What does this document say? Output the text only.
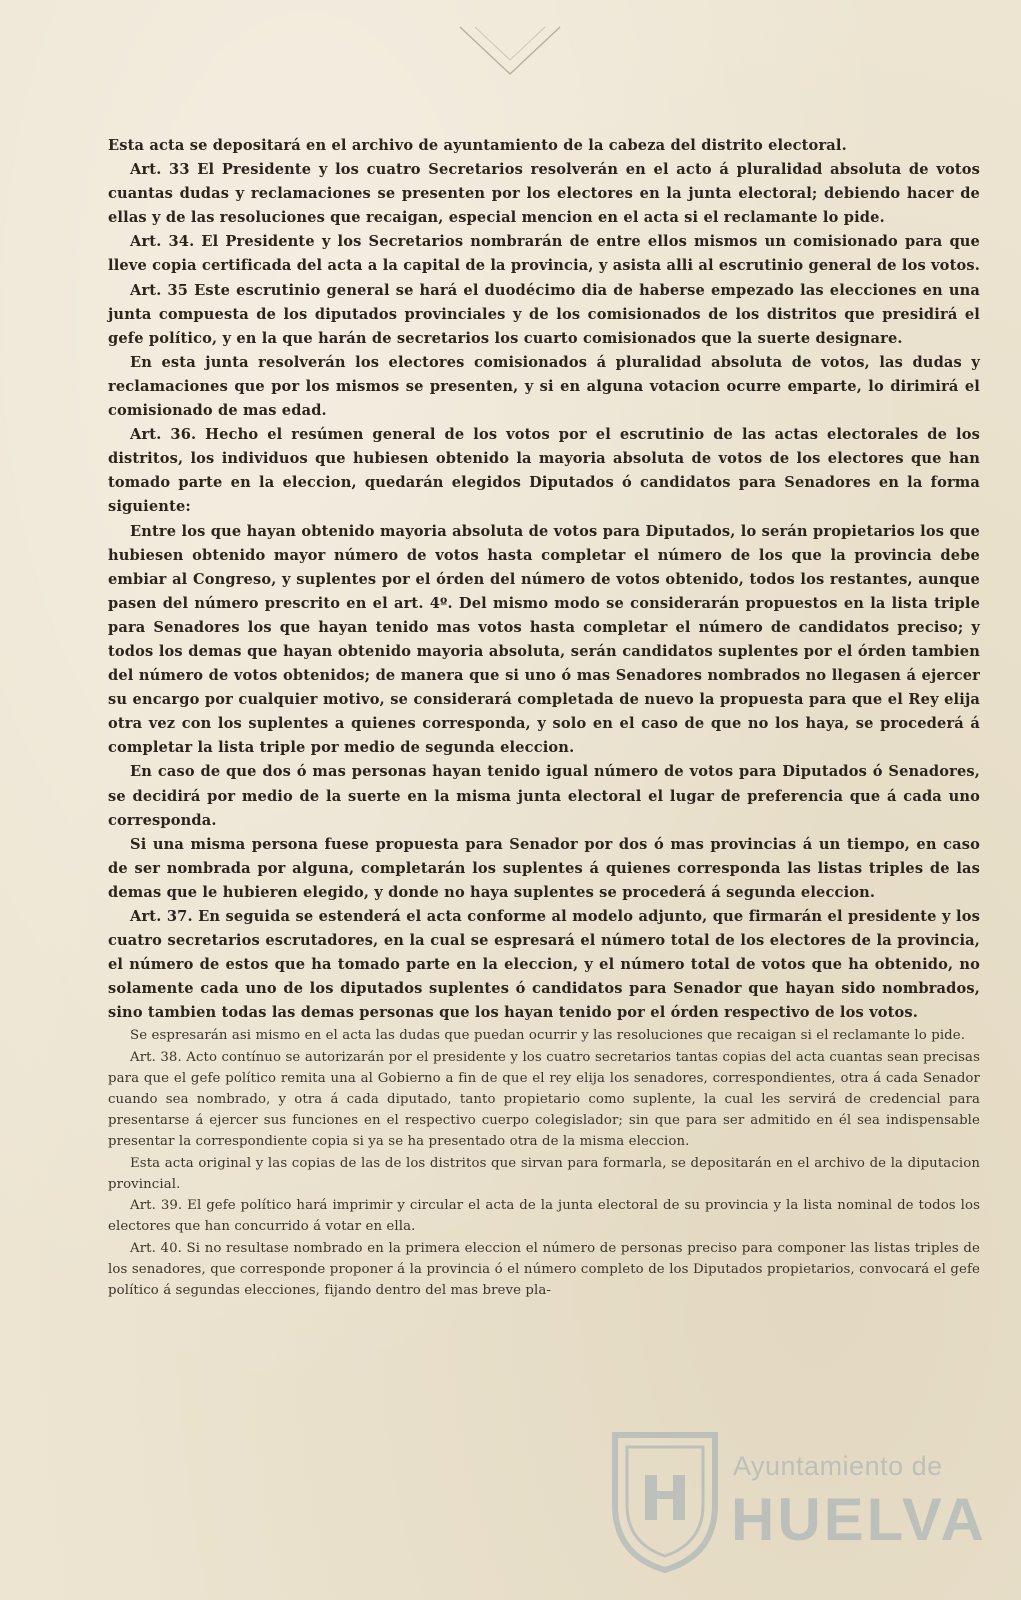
Esta acta se depositará en el archivo de ayuntamiento de la cabeza del distrito electoral.

Art. 33 El Presidente y los cuatro Secretarios resolverán en el acto á pluralidad absoluta de votos cuantas dudas y reclamaciones se presenten por los electores en la junta electoral; debiendo hacer de ellas y de las resoluciones que recaigan, especial mencion en el acta si el reclamante lo pide.

Art. 34. El Presidente y los Secretarios nombrarán de entre ellos mismos un comisionado para que lleve copia certificada del acta a la capital de la provincia, y asista alli al escrutinio general de los votos.

Art. 35 Este escrutinio general se hará el duodécimo dia de haberse empezado las elecciones en una junta compuesta de los diputados provinciales y de los comisionados de los distritos que presidirá el gefe político, y en la que harán de secretarios los cuarto comisionados que la suerte designare.

En esta junta resolverán los electores comisionados á pluralidad absoluta de votos, las dudas y reclamaciones que por los mismos se presenten, y si en alguna votacion ocurre emparte, lo dirimirá el comisionado de mas edad.

Art. 36. Hecho el resúmen general de los votos por el escrutinio de las actas electorales de los distritos, los individuos que hubiesen obtenido la mayoria absoluta de votos de los electores que han tomado parte en la eleccion, quedarán elegidos Diputados ó candidatos para Senadores en la forma siguiente:

Entre los que hayan obtenido mayoria absoluta de votos para Diputados, lo serán propietarios los que hubiesen obtenido mayor número de votos hasta completar el número de los que la provincia debe embiar al Congreso, y suplentes por el órden del número de votos obtenido, todos los restantes, aunque pasen del número prescrito en el art. 4º. Del mismo modo se considerarán propuestos en la lista triple para Senadores los que hayan tenido mas votos hasta completar el número de candidatos preciso; y todos los demas que hayan obtenido mayoria absoluta, serán candidatos suplentes por el órden tambien del número de votos obtenidos; de manera que si uno ó mas Senadores nombrados no llegasen á ejercer su encargo por cualquier motivo, se considerará completada de nuevo la propuesta para que el Rey elija otra vez con los suplentes a quienes corresponda, y solo en el caso de que no los haya, se procederá á completar la lista triple por medio de segunda eleccion.

En caso de que dos ó mas personas hayan tenido igual número de votos para Diputados ó Senadores, se decidirá por medio de la suerte en la misma junta electoral el lugar de preferencia que á cada uno corresponda.

Si una misma persona fuese propuesta para Senador por dos ó mas provincias á un tiempo, en caso de ser nombrada por alguna, completarán los suplentes á quienes corresponda las listas triples de las demas que le hubieren elegido, y donde no haya suplentes se procederá á segunda eleccion.

Art. 37. En seguida se estenderá el acta conforme al modelo adjunto, que firmarán el presidente y los cuatro secretarios escrutadores, en la cual se espresará el número total de los electores de la provincia, el número de estos que ha tomado parte en la eleccion, y el número total de votos que ha obtenido, no solamente cada uno de los diputados suplentes ó candidatos para Senador que hayan sido nombrados, sino tambien todas las demas personas que los hayan tenido por el órden respectivo de los votos.

Se espresarán asi mismo en el acta las dudas que puedan ocurrir y las resoluciones que recaigan si el reclamante lo pide.

Art. 38. Acto contínuo se autorizarán por el presidente y los cuatro secretarios tantas copias del acta cuantas sean precisas para que el gefe político remita una al Gobierno a fin de que el rey elija los senadores, correspondientes, otra á cada Senador cuando sea nombrado, y otra á cada diputado, tanto propietario como suplente, la cual les servirá de credencial para presentarse á ejercer sus funciones en el respectivo cuerpo colegislador; sin que para ser admitido en él sea indispensable presentar la correspondiente copia si ya se ha presentado otra de la misma eleccion.

Esta acta original y las copias de las de los distritos que sirvan para formarla, se depositarán en el archivo de la diputacion provincial.

Art. 39. El gefe político hará imprimir y circular el acta de la junta electoral de su provincia y la lista nominal de todos los electores que han concurrido á votar en ella.

Art. 40. Si no resultase nombrado en la primera eleccion el número de personas preciso para componer las listas triples de los senadores, que corresponde proponer á la provincia ó el número completo de los Diputados propietarios, convocará el gefe político á segundas elecciones, fijando dentro del mas breve pla-

Ayuntamiento de
HUELVA
